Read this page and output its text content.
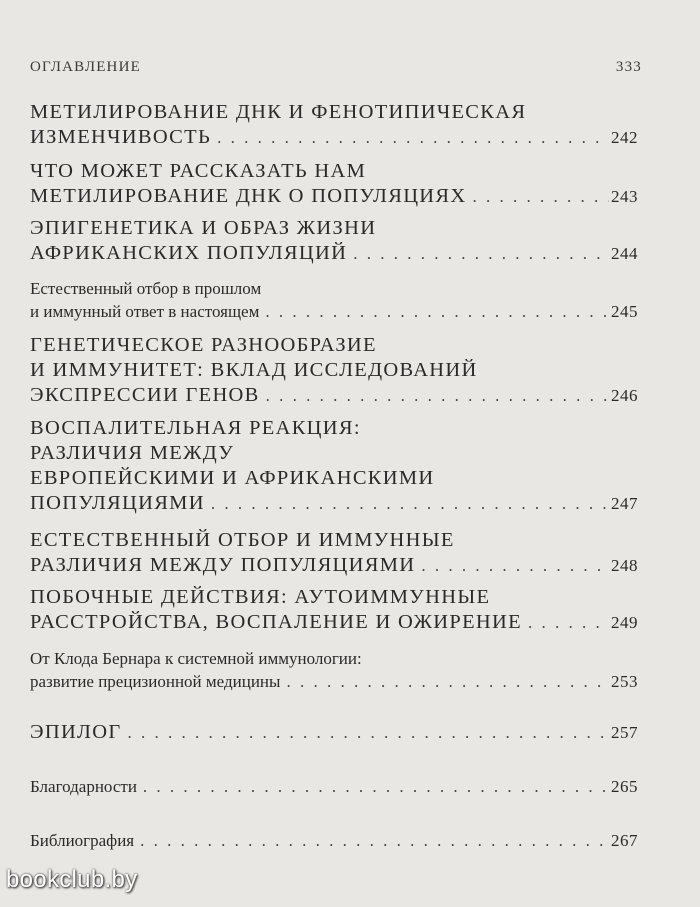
ОГЛАВЛЕНИЕ	333
МЕТИЛИРОВАНИЕ ДНК И ФЕНОТИПИЧЕСКАЯ
ИЗМЕНЧИВОСТЬ . . .	242
ЧТО МОЖЕТ РАССКАЗАТЬ НАМ
МЕТИЛИРОВАНИЕ ДНК О ПОПУЛЯЦИЯХ . . .	243
ЭПИГЕНЕТИКА И ОБРАЗ ЖИЗНИ
АФРИКАНСКИХ ПОПУЛЯЦИЙ . . .	244
Естественный отбор в прошлом
и иммунный ответ в настоящем . . .	245
ГЕНЕТИЧЕСКОЕ РАЗНООБРАЗИЕ
И ИММУНИТЕТ: ВКЛАД ИССЛЕДОВАНИЙ
ЭКСПРЕССИИ ГЕНОВ . . .	246
ВОСПАЛИТЕЛЬНАЯ РЕАКЦИЯ:
РАЗЛИЧИЯ МЕЖДУ
ЕВРОПЕЙСКИМИ И АФРИКАНСКИМИ
ПОПУЛЯЦИЯМИ . . .	247
ЕСТЕСТВЕННЫЙ ОТБОР И ИММУННЫЕ
РАЗЛИЧИЯ МЕЖДУ ПОПУЛЯЦИЯМИ . . .	248
ПОБОЧНЫЕ ДЕЙСТВИЯ: АУТОИММУННЫЕ
РАССТРОЙСТВА, ВОСПАЛЕНИЕ И ОЖИРЕНИЕ . . .	249
От Клода Бернара к системной иммунологии:
развитие прецизионной медицины . . .	253
ЭПИЛОГ . . .	257
Благодарности . . .	265
Библиография . . .	267
bookclub.by
